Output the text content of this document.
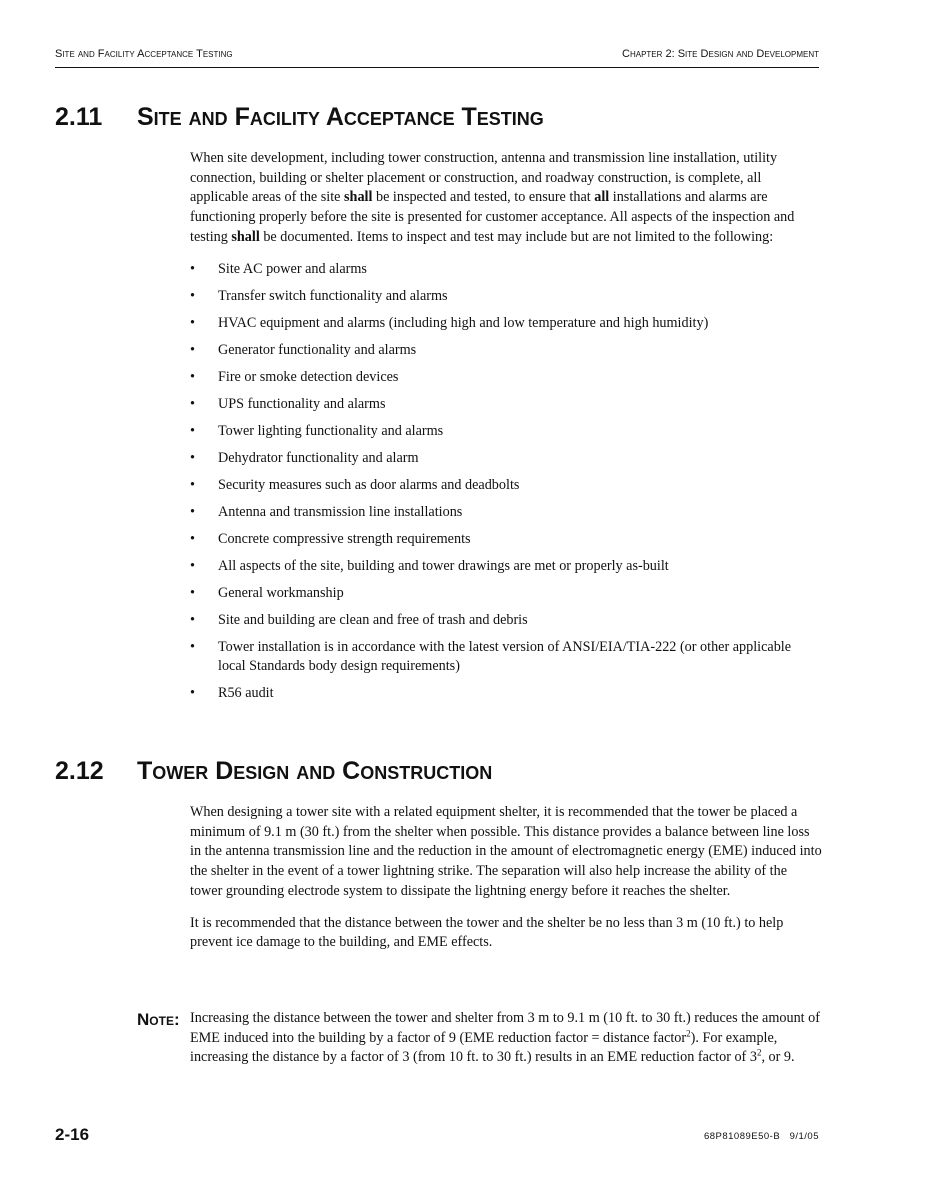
Site and Facility Acceptance Testing	Chapter 2: Site Design and Development
2.11	Site and Facility Acceptance Testing

When site development, including tower construction, antenna and transmission line installation, utility connection, building or shelter placement or construction, and roadway construction, is complete, all applicable areas of the site shall be inspected and tested, to ensure that all installations and alarms are functioning properly before the site is presented for customer acceptance. All aspects of the inspection and testing shall be documented. Items to inspect and test may include but are not limited to the following:

• Site AC power and alarms
• Transfer switch functionality and alarms
• HVAC equipment and alarms (including high and low temperature and high humidity)
• Generator functionality and alarms
• Fire or smoke detection devices
• UPS functionality and alarms
• Tower lighting functionality and alarms
• Dehydrator functionality and alarm
• Security measures such as door alarms and deadbolts
• Antenna and transmission line installations
• Concrete compressive strength requirements
• All aspects of the site, building and tower drawings are met or properly as-built
• General workmanship
• Site and building are clean and free of trash and debris
• Tower installation is in accordance with the latest version of ANSI/EIA/TIA-222 (or other applicable local Standards body design requirements)
• R56 audit
2.12	Tower Design and Construction

When designing a tower site with a related equipment shelter, it is recommended that the tower be placed a minimum of 9.1 m (30 ft.) from the shelter when possible. This distance provides a balance between line loss in the antenna transmission line and the reduction in the amount of electromagnetic energy (EME) induced into the shelter in the event of a tower lightning strike. The separation will also help increase the ability of the tower grounding electrode system to dissipate the lightning energy before it reaches the shelter.

It is recommended that the distance between the tower and the shelter be no less than 3 m (10 ft.) to help prevent ice damage to the building, and EME effects.

Note: Increasing the distance between the tower and shelter from 3 m to 9.1 m (10 ft. to 30 ft.) reduces the amount of EME induced into the building by a factor of 9 (EME reduction factor = distance factor$^2$). For example, increasing the distance by a factor of 3 (from 10 ft. to 30 ft.) results in an EME reduction factor of $3^2$, or 9.
2-16	68P81089E50-B   9/1/05
